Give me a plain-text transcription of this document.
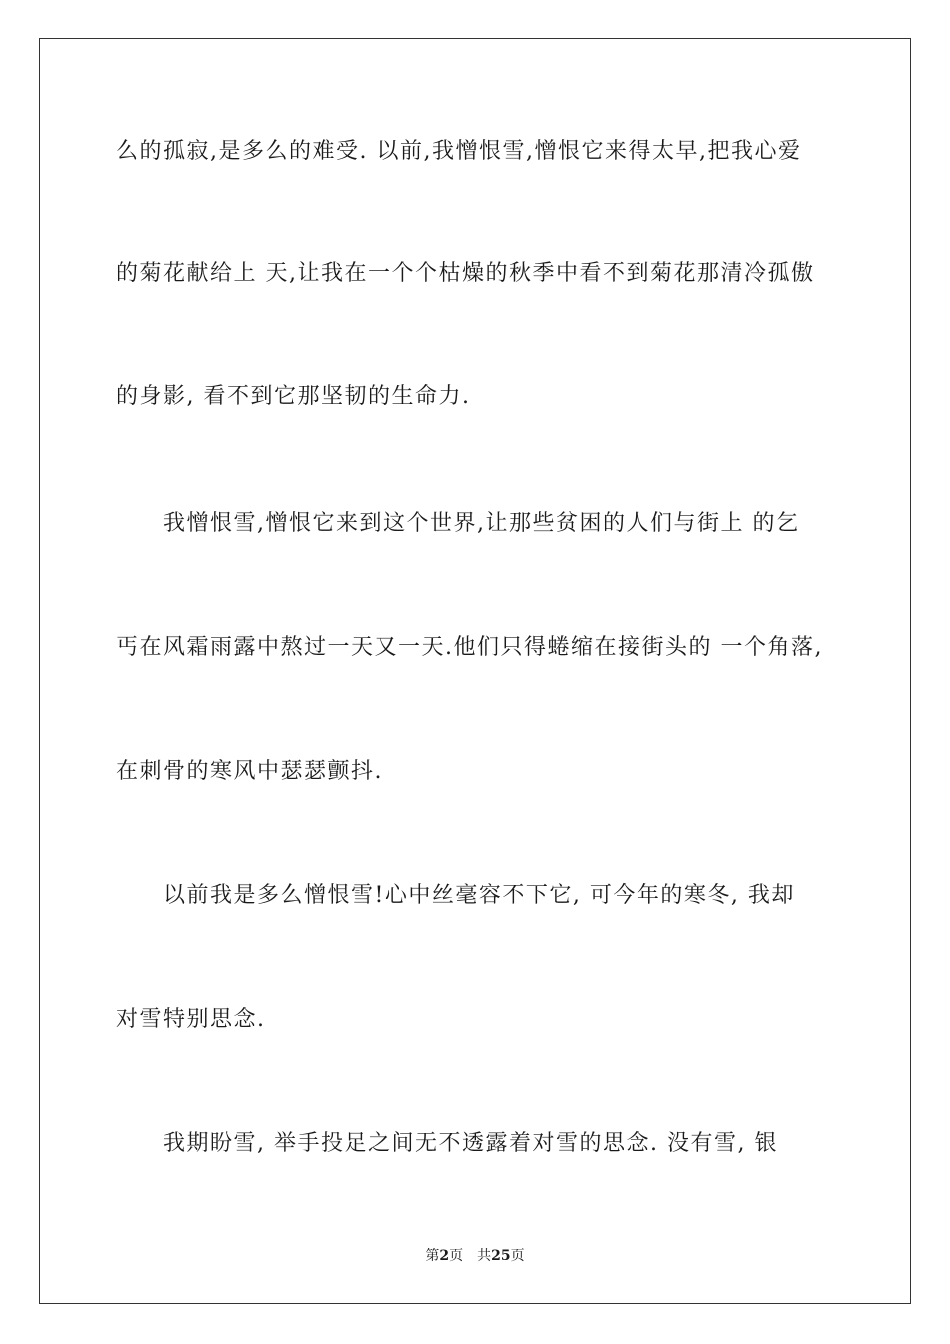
么的孤寂,是多么的难受. 以前,我憎恨雪,憎恨它来得太早,把我心爱
的菊花献给上 天,让我在一个个枯燥的秋季中看不到菊花那清冷孤傲
的身影, 看不到它那坚韧的生命力.
　　我憎恨雪,憎恨它来到这个世界,让那些贫困的人们与街上 的乞
丐在风霜雨露中熬过一天又一天.他们只得蜷缩在接街头的 一个角落,
在刺骨的寒风中瑟瑟颤抖.
　　以前我是多么憎恨雪!心中丝毫容不下它, 可今年的寒冬, 我却
对雪特别思念.
　　我期盼雪, 举手投足之间无不透露着对雪的思念. 没有雪, 银
第2页 共25页
